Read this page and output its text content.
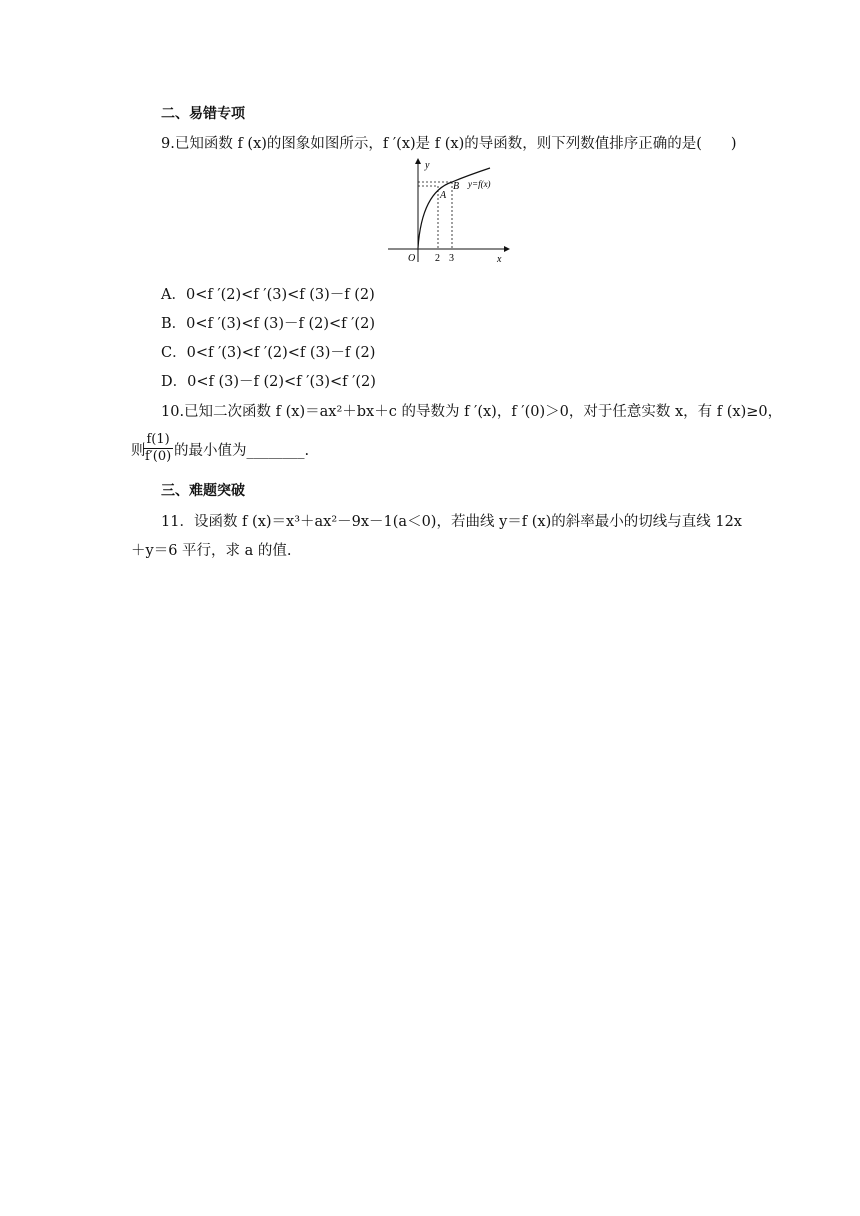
二、易错专项
9.已知函数 f (x)的图象如图所示，f ′(x)是 f (x)的导函数，则下列数值排序正确的是(　　)
y
x
O 2 3
A
B y=f(x)
A．0<f ′(2)<f ′(3)<f (3)－f (2)
B．0<f ′(3)<f (3)－f (2)<f ′(2)
C．0<f ′(3)<f ′(2)<f (3)－f (2)
D．0<f (3)－f (2)<f ′(3)<f ′(2)
10.已知二次函数 f (x)＝ax²＋bx＋c 的导数为 f ′(x)，f ′(0)＞0，对于任意实数 x，有 f (x)≥0，
则
$\frac{f(1)}{f'(0)}$ 的最小值为________.
三、难题突破
11．设函数 f (x)＝x³＋ax²－9x－1(a＜0)，若曲线 y＝f (x)的斜率最小的切线与直线 12x
＋y＝6 平行，求 a 的值.
